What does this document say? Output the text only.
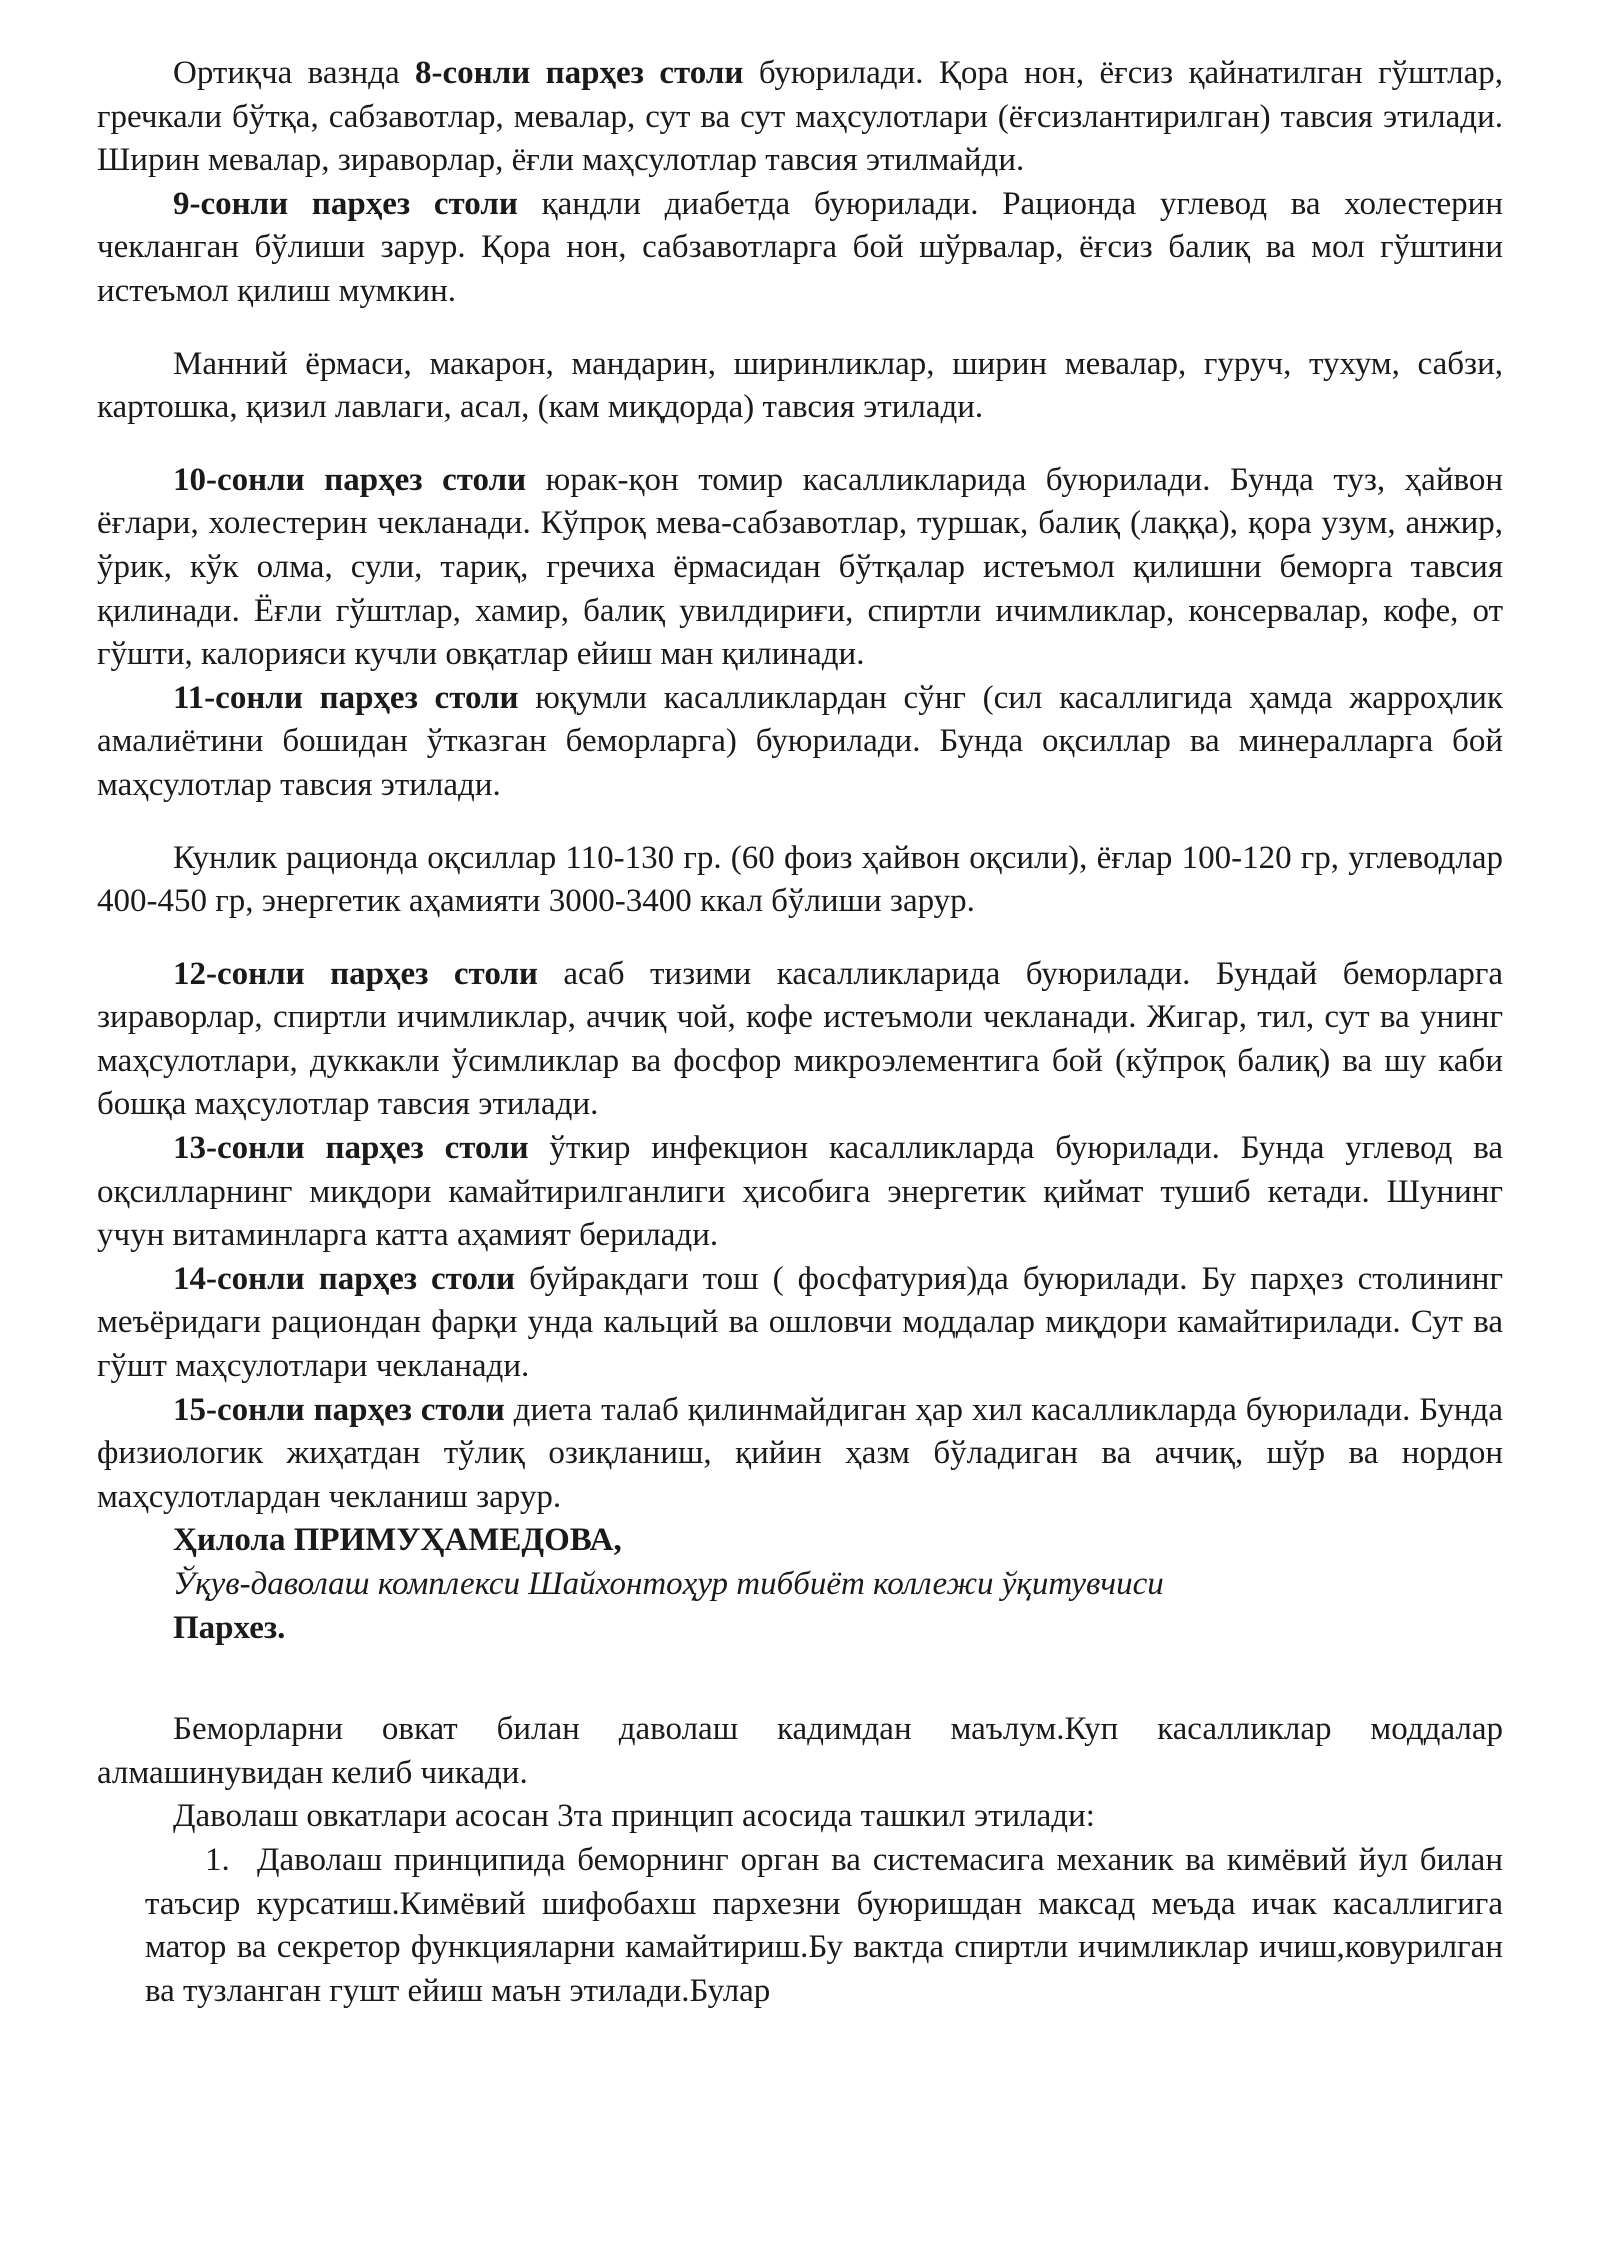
Ортиқча вазнда 8-сонли парҳез столи буюрилади. Қора нон, ёғсиз қайнатилган гўштлар, гречкали бўтқа, сабзавотлар, мевалар, сут ва сут маҳсулотлари (ёғсизлантирилган) тавсия этилади. Ширин мевалар, зираворлар, ёғли маҳсулотлар тавсия этилмайди.

9-сонли парҳез столи қандли диабетда буюрилади. Рационда углевод ва холестерин чекланган бўлиши зарур. Қора нон, сабзавотларга бой шўрвалар, ёғсиз балиқ ва мол гўштини истеъмол қилиш мумкин.

Манний ёрмаси, макарон, мандарин, ширинликлар, ширин мевалар, гуруч, тухум, сабзи, картошка, қизил лавлаги, асал, (кам миқдорда) тавсия этилади.

10-сонли парҳез столи юрак-қон томир касалликларида буюрилади. Бунда туз, ҳайвон ёғлари, холестерин чекланади. Кўпроқ мева-сабзавотлар, туршак, балиқ (лаққа), қора узум, анжир, ўрик, кўк олма, сули, тариқ, гречиха ёрмасидан бўтқалар истеъмол қилишни беморга тавсия қилинади. Ёғли гўштлар, хамир, балиқ увилдириғи, спиртли ичимликлар, консервалар, кофе, от гўшти, калорияси кучли овқатлар ейиш ман қилинади.

11-сонли парҳез столи юқумли касалликлардан сўнг (сил касаллигида ҳамда жарроҳлик амалиётини бошидан ўтказган беморларга) буюрилади. Бунда оқсиллар ва минералларга бой маҳсулотлар тавсия этилади.

Кунлик рационда оқсиллар 110-130 гр. (60 фоиз ҳайвон оқсили), ёғлар 100-120 гр, углеводлар 400-450 гр, энергетик аҳамияти 3000-3400 ккал бўлиши зарур.

12-сонли парҳез столи асаб тизими касалликларида буюрилади. Бундай беморларга зираворлар, спиртли ичимликлар, аччиқ чой, кофе истеъмоли чекланади. Жигар, тил, сут ва унинг маҳсулотлари, дуккакли ўсимликлар ва фосфор микроэлементига бой (кўпроқ балиқ) ва шу каби бошқа маҳсулотлар тавсия этилади.

13-сонли парҳез столи ўткир инфекцион касалликларда буюрилади. Бунда углевод ва оқсилларнинг миқдори камайтирилганлиги ҳисобига энергетик қиймат тушиб кетади. Шунинг учун витаминларга катта аҳамият берилади.

14-сонли парҳез столи буйракдаги тош ( фосфатурия)да буюрилади. Бу парҳез столининг меъёридаги рациондан фарқи унда кальций ва ошловчи моддалар миқдори камайтирилади. Сут ва гўшт маҳсулотлари чекланади.

15-сонли парҳез столи диета талаб қилинмайдиган ҳар хил касалликларда буюрилади. Бунда физиологик жиҳатдан тўлиқ озиқланиш, қийин ҳазм бўладиган ва аччиқ, шўр ва нордон маҳсулотлардан чекланиш зарур.

Ҳилола ПРИМУҲАМЕДОВА,

Ўқув-даволаш комплекси Шайхонтоҳур тиббиёт коллежи ўқитувчиси

Пархез.

Беморларни овкат билан даволаш кадимдан маълум.Куп касалликлар моддалар алмашинувидан келиб чикади.

Даволаш овкатлари асосан 3та принцип асосида ташкил этилади:

1. Даволаш принципида беморнинг орган ва системасига механик ва кимёвий йул билан таъсир курсатиш.Кимёвий шифобахш пархезни буюришдан максад меъда ичак касаллигига матор ва секретор функцияларни камайтириш.Бу вактда спиртли ичимликлар ичиш,ковурилган ва тузланган гушт ейиш маън этилади.Булар
